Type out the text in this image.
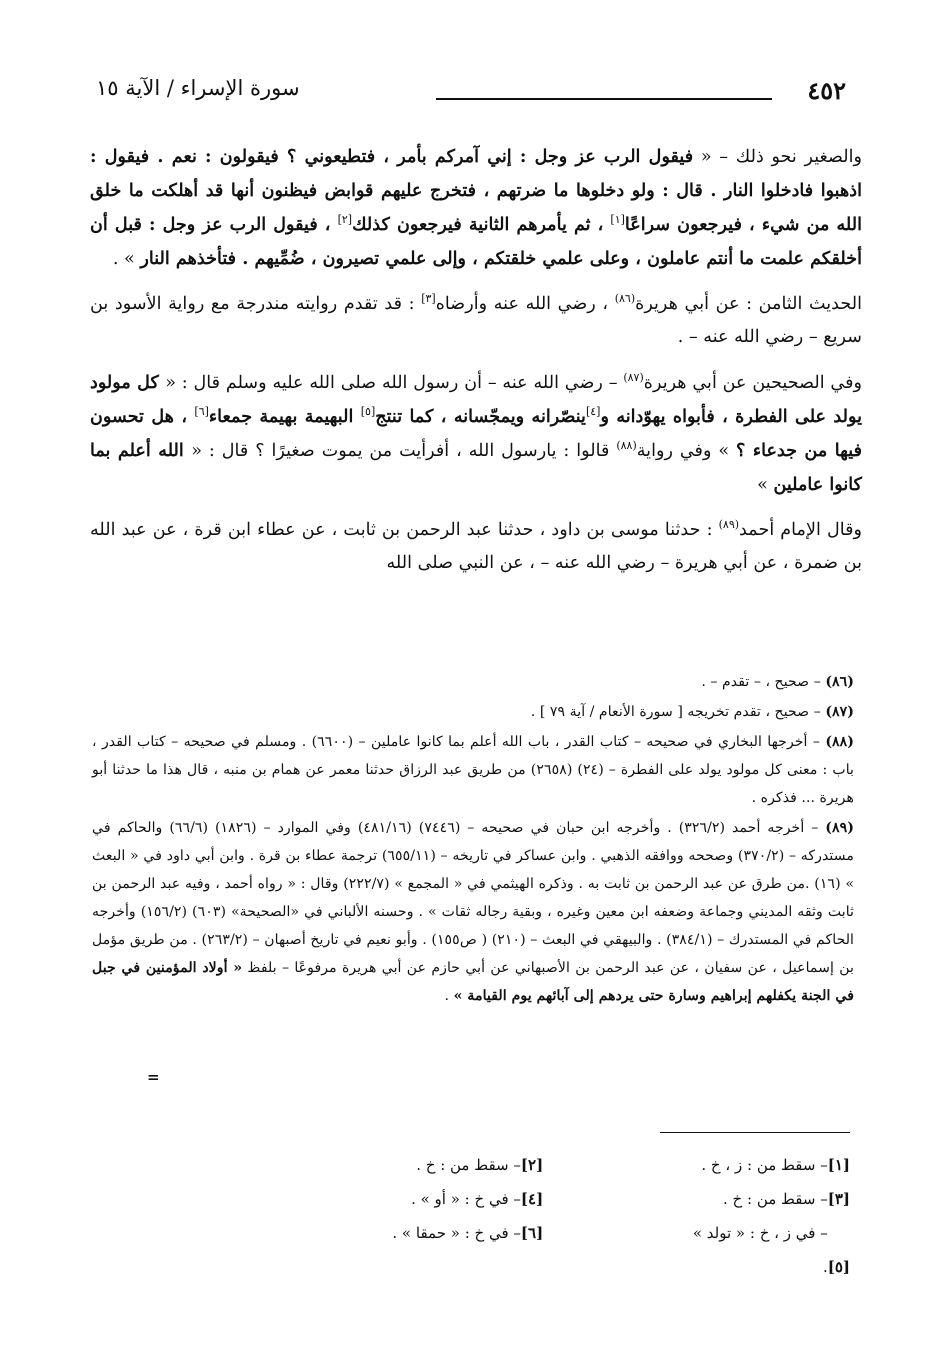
٤٥٢
سورة الإسراء / الآية ١٥

والصغير نحو ذلك – « فيقول الرب عز وجل : إني آمركم بأمر ، فتطيعوني ؟ فيقولون : نعم . فيقول : اذهبوا فادخلوا النار . قال : ولو دخلوها ما ضرتهم ، فتخرج عليهم قوابض فيظنون أنها قد أهلكت ما خلق الله من شيء ، فيرجعون سراعًا[١] ، ثم يأمرهم الثانية فيرجعون كذلك[٢] ، فيقول الرب عز وجل : قبل أن أخلقكم علمت ما أنتم عاملون ، وعلى علمي خلقتكم ، وإلى علمي تصيرون ، ضُمِّيهم . فتأخذهم النار » .

الحديث الثامن : عن أبي هريرة$^{(٨٦)}$ ، رضي الله عنه وأرضاه[٣] : قد تقدم روايته مندرجة مع رواية الأسود بن سريع – رضي الله عنه – .

وفي الصحيحين عن أبي هريرة$^{(٨٧)}$ – رضي الله عنه – أن رسول الله صلى الله عليه وسلم قال : « كل مولود يولد على الفطرة ، فأبواه يهوّدانه و[٤]ينصّرانه ويمجّسانه ، كما تنتج[٥] البهيمة بهيمة جمعاء[٦] ، هل تحسون فيها من جدعاء ؟ » وفي رواية$^{(٨٨)}$ قالوا : يارسول الله ، أفرأيت من يموت صغيرًا ؟ قال : « الله أعلم بما كانوا عاملين »

وقال الإمام أحمد$^{(٨٩)}$ : حدثنا موسى بن داود ، حدثنا عبد الرحمن بن ثابت ، عن عطاء ابن قرة ، عن عبد الله بن ضمرة ، عن أبي هريرة – رضي الله عنه – ، عن النبي صلى الله

(٨٦) – صحيح ، – تقدم – .

(٨٧) – صحيح ، تقدم تخريجه [ سورة الأنعام / آية ٧٩ ] .

(٨٨) – أخرجها البخاري في صحيحه – كتاب القدر ، باب الله أعلم بما كانوا عاملين – (٦٦٠٠) . ومسلم في صحيحه – كتاب القدر ، باب : معنى كل مولود يولد على الفطرة – (٢٤) (٢٦٥٨) من طريق عبد الرزاق حدثنا معمر عن همام بن منبه ، قال هذا ما حدثنا أبو هريرة ... فذكره .

(٨٩) – أخرجه أحمد (٣٢٦/٢) . وأخرجه ابن حبان في صحيحه – (٧٤٤٦) (٤٨١/١٦) وفي الموارد – (١٨٢٦) (٦٦/٦) والحاكم في مستدركه – (٣٧٠/٢) وصححه ووافقه الذهبي . وابن عساكر في تاريخه – (٦٥٥/١١) ترجمة عطاء بن قرة . وابن أبي داود في « البعث » (١٦) .من طرق عن عبد الرحمن بن ثابت به . وذكره الهيثمي في « المجمع » (٢٢٢/٧) وقال : « رواه أحمد ، وفيه عبد الرحمن بن ثابت وثقه المديني وجماعة وضعفه ابن معين وغيره ، وبقية رجاله ثقات » . وحسنه الألباني في «الصحيحة» (٦٠٣) (١٥٦/٢) وأخرجه الحاكم في المستدرك – (٣٨٤/١) . والبيهقي في البعث – (٢١٠) ( ص١٥٥) . وأبو نعيم في تاريخ أصبهان – (٢٦٣/٢) . من طريق مؤمل بن إسماعيل ، عن سفيان ، عن عبد الرحمن بن الأصبهاني عن أبي حازم عن أبي هريرة مرفوعًا – بلفظ « أولاد المؤمنين في جبل في الجنة يكفلهم إبراهيم وسارة حتى يردهم إلى آبائهم يوم القيامة » .

=
[١]– سقط من : ز ، خ .
[٢]– سقط من : خ .
[٣]– سقط من : خ .
[٤]– في خ : « أو » .
[٥]– في ز ، خ : « تولد » .
[٦]– في خ : « حمقا » .
